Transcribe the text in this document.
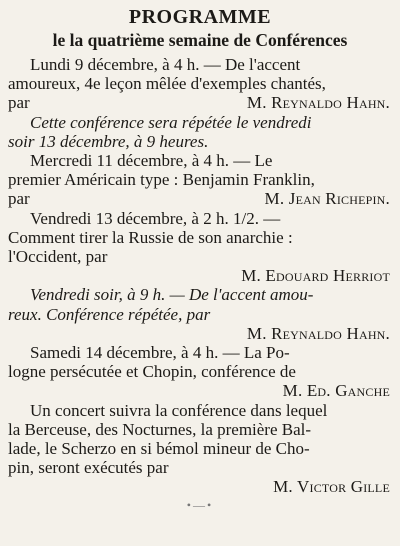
PROGRAMME
le la quatrième semaine de Conférences
Lundi 9 décembre, à 4 h. — De l'accent
amoureux, 4e leçon mêlée d'exemples chantés,
par	M. Reynaldo Hahn.
Cette conférence sera répétée le vendredi
soir 13 décembre, à 9 heures.
Mercredi 11 décembre, à 4 h. — Le
premier Américain type : Benjamin Franklin,
par	M. Jean Richepin.
Vendredi 13 décembre, à 2 h. 1/2. —
Comment tirer la Russie de son anarchie :
l'Occident, par
M. Edouard Herriot
Vendredi soir, à 9 h. — De l'accent amou-
reux. Conférence répétée, par
M. Reynaldo Hahn.
Samedi 14 décembre, à 4 h. — La Po-
logne persécutée et Chopin, conférence de
M. Ed. Ganche
Un concert suivra la conférence dans lequel
la Berceuse, des Nocturnes, la première Bal-
lade, le Scherzo en si bémol mineur de Cho-
pin, seront exécutés par
M. Victor Gille
•—•
